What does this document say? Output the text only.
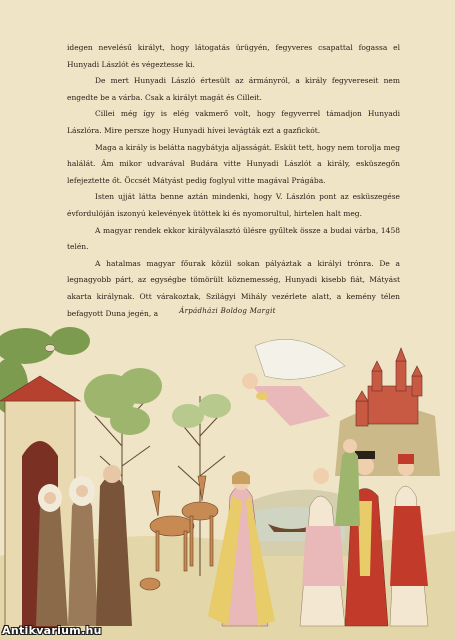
idegen nevelésű királyt, hogy látogatás ürügyén, fegyveres csapattal fogassa el Hunyadi Lászlót és végeztesse ki.

De mert Hunyadi László értesült az ármányról, a király fegyvereseit nem engedte be a várba. Csak a királyt magát és Cilleit.

Cillei még így is elég vakmerő volt, hogy fegyverrel támadjon Hunyadi Lászlóra. Mire persze hogy Hunyadi hívei levágták ezt a gazfickót.

Maga a király is belátta nagybátyja aljasságát. Esküt tett, hogy nem torolja meg halálát. Ám mikor udvarával Budára vitte Hunyadi Lászlót a király, esküszegőn lefejeztette őt. Öccsét Mátyást pedig foglyul vitte magával Prágába.

Isten ujját látta benne aztán mindenki, hogy V. Lászlón pont az esküszegése évfordulóján iszonyú kelevények ütöttek ki és nyomorultul, hirtelen halt meg.

A magyar rendek ekkor királyválasztó ülésre gyűltek össze a budai várba, 1458 telén.

A hatalmas magyar főurak közül sokan pályáztak a királyi trónra. De a legnagyobb párt, az egységbe tömörült köznemesség, Hunyadi kisebb fiát, Mátyást akarta királynak. Ott várakoztak, Szilágyi Mihály vezérlete alatt, a kemény télen befagyott Duna jegén, a	Árpádházi Boldog Margit
Antikvarium.hu
